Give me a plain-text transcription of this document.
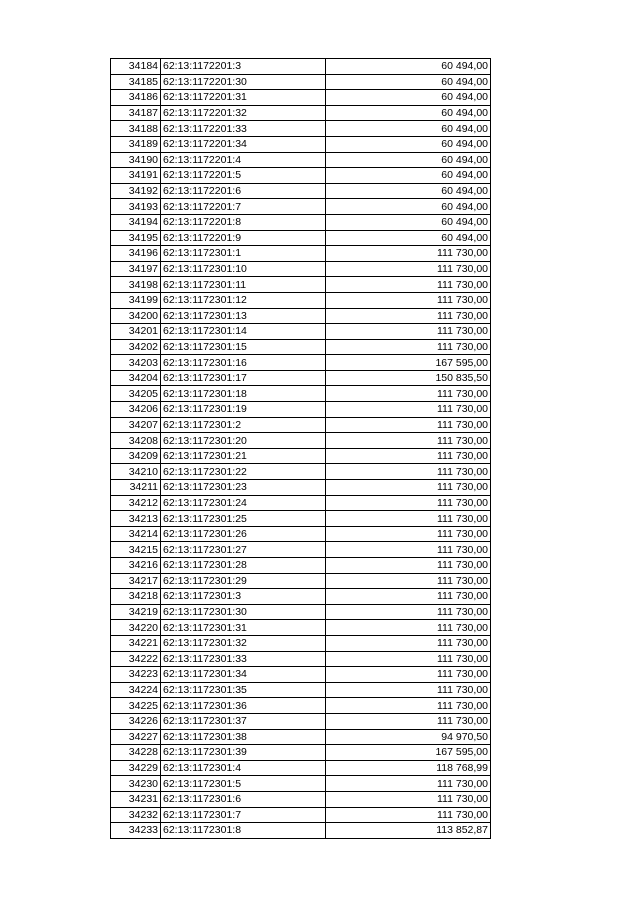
34184	62:13:1172201:3	60 494,00
34185	62:13:1172201:30	60 494,00
34186	62:13:1172201:31	60 494,00
34187	62:13:1172201:32	60 494,00
34188	62:13:1172201:33	60 494,00
34189	62:13:1172201:34	60 494,00
34190	62:13:1172201:4	60 494,00
34191	62:13:1172201:5	60 494,00
34192	62:13:1172201:6	60 494,00
34193	62:13:1172201:7	60 494,00
34194	62:13:1172201:8	60 494,00
34195	62:13:1172201:9	60 494,00
34196	62:13:1172301:1	111 730,00
34197	62:13:1172301:10	111 730,00
34198	62:13:1172301:11	111 730,00
34199	62:13:1172301:12	111 730,00
34200	62:13:1172301:13	111 730,00
34201	62:13:1172301:14	111 730,00
34202	62:13:1172301:15	111 730,00
34203	62:13:1172301:16	167 595,00
34204	62:13:1172301:17	150 835,50
34205	62:13:1172301:18	111 730,00
34206	62:13:1172301:19	111 730,00
34207	62:13:1172301:2	111 730,00
34208	62:13:1172301:20	111 730,00
34209	62:13:1172301:21	111 730,00
34210	62:13:1172301:22	111 730,00
34211	62:13:1172301:23	111 730,00
34212	62:13:1172301:24	111 730,00
34213	62:13:1172301:25	111 730,00
34214	62:13:1172301:26	111 730,00
34215	62:13:1172301:27	111 730,00
34216	62:13:1172301:28	111 730,00
34217	62:13:1172301:29	111 730,00
34218	62:13:1172301:3	111 730,00
34219	62:13:1172301:30	111 730,00
34220	62:13:1172301:31	111 730,00
34221	62:13:1172301:32	111 730,00
34222	62:13:1172301:33	111 730,00
34223	62:13:1172301:34	111 730,00
34224	62:13:1172301:35	111 730,00
34225	62:13:1172301:36	111 730,00
34226	62:13:1172301:37	111 730,00
34227	62:13:1172301:38	94 970,50
34228	62:13:1172301:39	167 595,00
34229	62:13:1172301:4	118 768,99
34230	62:13:1172301:5	111 730,00
34231	62:13:1172301:6	111 730,00
34232	62:13:1172301:7	111 730,00
34233	62:13:1172301:8	113 852,87
